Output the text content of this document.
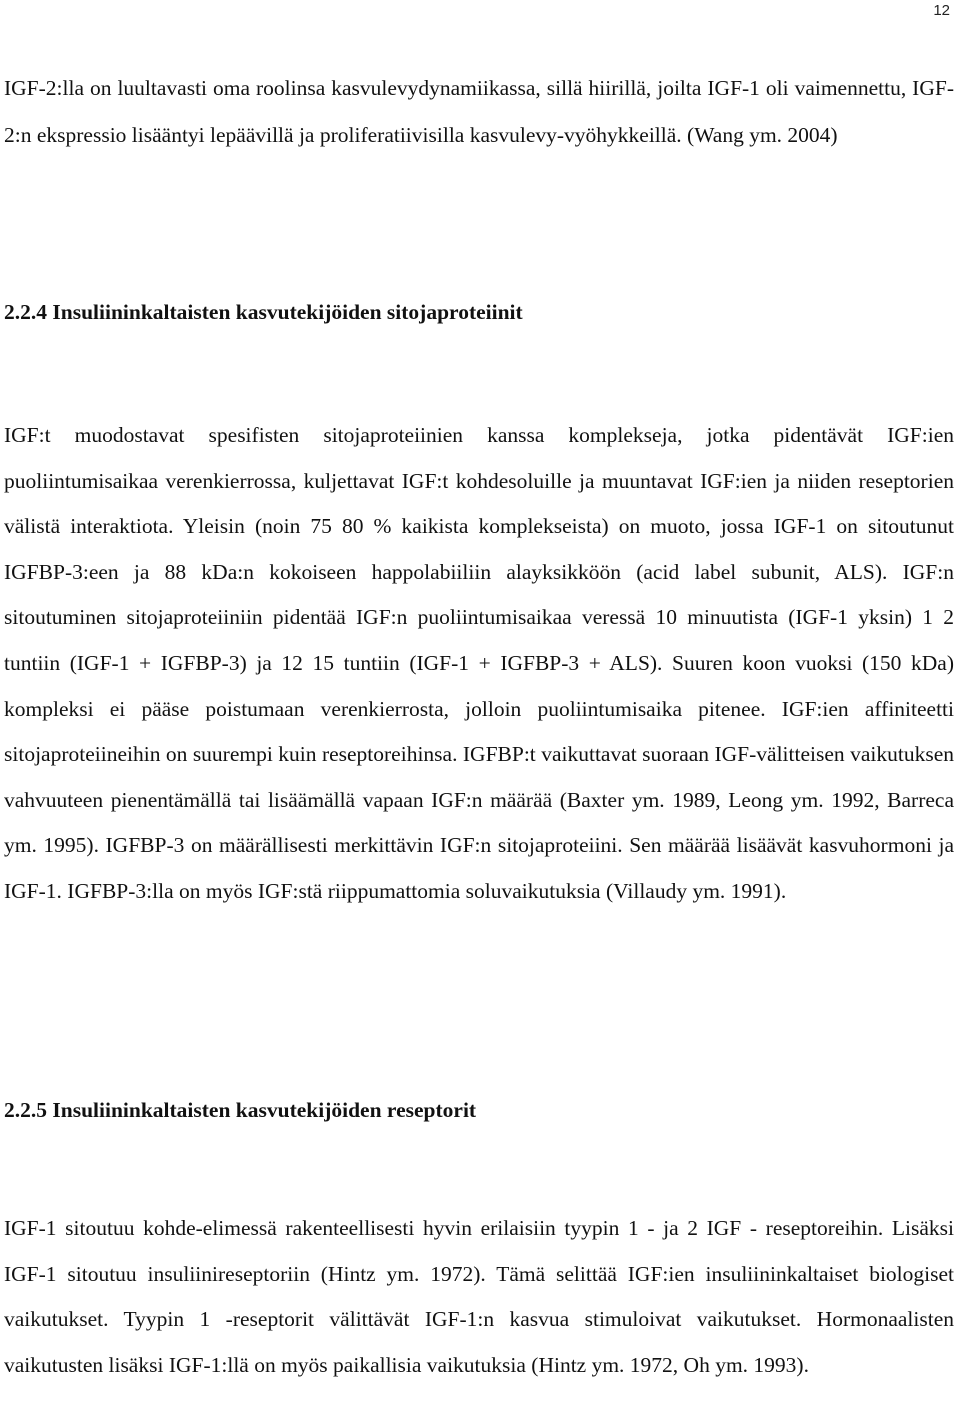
12

IGF-2:lla on luultavasti oma roolinsa kasvulevydynamiikassa, sillä hiirillä, joilta IGF-1 oli vaimennettu, IGF-2:n ekspressio lisääntyi lepäävillä ja proliferatiivisilla kasvulevy-vyöhykkeillä. (Wang ym. 2004)

2.2.4 Insuliininkaltaisten kasvutekijöiden sitojaproteiinit

IGF:t muodostavat spesifisten sitojaproteiinien kanssa komplekseja, jotka pidentävät IGF:ien puoliintumisaikaa verenkierrossa, kuljettavat IGF:t kohdesoluille ja muuntavat IGF:ien ja niiden reseptorien välistä interaktiota. Yleisin (noin 75 80 % kaikista komplekseista) on muoto, jossa IGF-1 on sitoutunut IGFBP-3:een ja 88 kDa:n kokoiseen happolabiiliin alayksikköön (acid label subunit, ALS). IGF:n sitoutuminen sitojaproteiiniin pidentää IGF:n puoliintumisaikaa veressä 10 minuutista (IGF-1 yksin) 1 2 tuntiin (IGF-1 + IGFBP-3) ja 12 15 tuntiin (IGF-1 + IGFBP-3 + ALS). Suuren koon vuoksi (150 kDa) kompleksi ei pääse poistumaan verenkierrosta, jolloin puoliintumisaika pitenee. IGF:ien affiniteetti sitojaproteiineihin on suurempi kuin reseptoreihinsa. IGFBP:t vaikuttavat suoraan IGF-välitteisen vaikutuksen vahvuuteen pienentämällä tai lisäämällä vapaan IGF:n määrää (Baxter ym. 1989, Leong ym. 1992, Barreca ym. 1995). IGFBP-3 on määrällisesti merkittävin IGF:n sitojaproteiini. Sen määrää lisäävät kasvuhormoni ja IGF-1. IGFBP-3:lla on myös IGF:stä riippumattomia soluvaikutuksia (Villaudy ym. 1991).

2.2.5 Insuliininkaltaisten kasvutekijöiden reseptorit

IGF-1 sitoutuu kohde-elimessä rakenteellisesti hyvin erilaisiin tyypin 1 - ja 2 IGF - reseptoreihin. Lisäksi IGF-1 sitoutuu insuliinireseptoriin (Hintz ym. 1972). Tämä selittää IGF:ien insuliininkaltaiset biologiset vaikutukset. Tyypin 1 -reseptorit välittävät IGF-1:n kasvua stimuloivat vaikutukset. Hormonaalisten vaikutusten lisäksi IGF-1:llä on myös paikallisia vaikutuksia (Hintz ym. 1972, Oh ym. 1993).
